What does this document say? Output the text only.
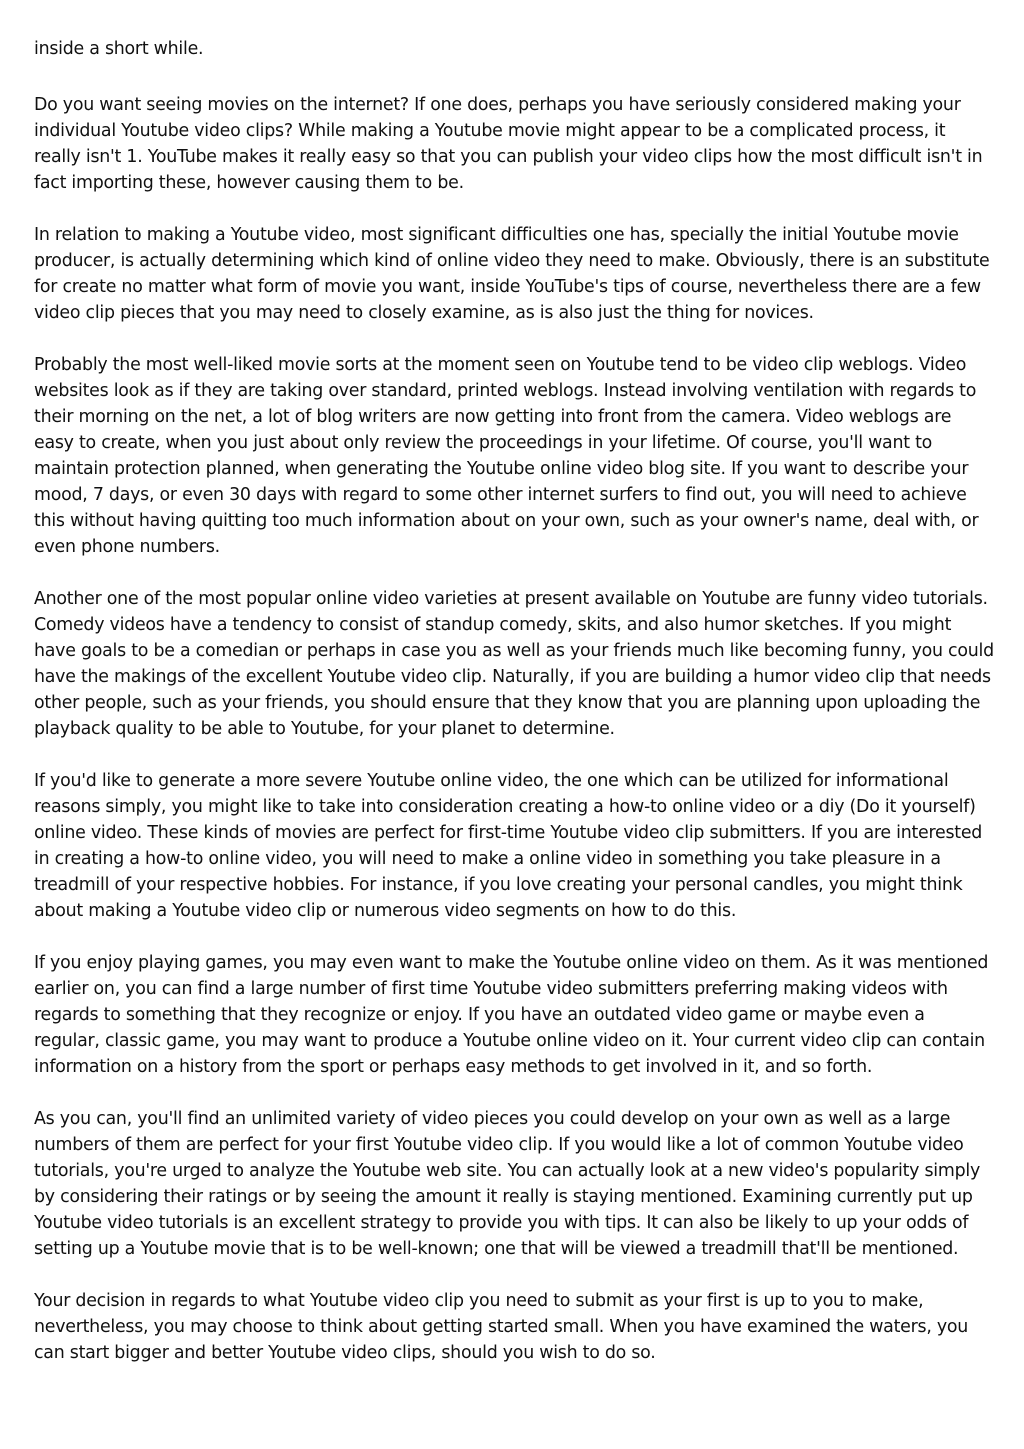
inside a short while.

Do you want seeing movies on the internet? If one does, perhaps you have seriously considered making your individual Youtube video clips? While making a Youtube movie might appear to be a complicated process, it really isn't 1. YouTube makes it really easy so that you can publish your video clips how the most difficult isn't in fact importing these, however causing them to be.

In relation to making a Youtube video, most significant difficulties one has, specially the initial Youtube movie producer, is actually determining which kind of online video they need to make. Obviously, there is an substitute for create no matter what form of movie you want, inside YouTube's tips of course, nevertheless there are a few video clip pieces that you may need to closely examine, as is also just the thing for novices.

Probably the most well-liked movie sorts at the moment seen on Youtube tend to be video clip weblogs. Video websites look as if they are taking over standard, printed weblogs. Instead involving ventilation with regards to their morning on the net, a lot of blog writers are now getting into front from the camera. Video weblogs are easy to create, when you just about only review the proceedings in your lifetime. Of course, you'll want to maintain protection planned, when generating the Youtube online video blog site. If you want to describe your mood, 7 days, or even 30 days with regard to some other internet surfers to find out, you will need to achieve this without having quitting too much information about on your own, such as your owner's name, deal with, or even phone numbers.

Another one of the most popular online video varieties at present available on Youtube are funny video tutorials. Comedy videos have a tendency to consist of standup comedy, skits, and also humor sketches. If you might have goals to be a comedian or perhaps in case you as well as your friends much like becoming funny, you could have the makings of the excellent Youtube video clip. Naturally, if you are building a humor video clip that needs other people, such as your friends, you should ensure that they know that you are planning upon uploading the playback quality to be able to Youtube, for your planet to determine.

If you'd like to generate a more severe Youtube online video, the one which can be utilized for informational reasons simply, you might like to take into consideration creating a how-to online video or a diy (Do it yourself) online video. These kinds of movies are perfect for first-time Youtube video clip submitters. If you are interested in creating a how-to online video, you will need to make a online video in something you take pleasure in a treadmill of your respective hobbies. For instance, if you love creating your personal candles, you might think about making a Youtube video clip or numerous video segments on how to do this.

If you enjoy playing games, you may even want to make the Youtube online video on them. As it was mentioned earlier on, you can find a large number of first time Youtube video submitters preferring making videos with regards to something that they recognize or enjoy. If you have an outdated video game or maybe even a regular, classic game, you may want to produce a Youtube online video on it. Your current video clip can contain information on a history from the sport or perhaps easy methods to get involved in it, and so forth.

As you can, you'll find an unlimited variety of video pieces you could develop on your own as well as a large numbers of them are perfect for your first Youtube video clip. If you would like a lot of common Youtube video tutorials, you're urged to analyze the Youtube web site. You can actually look at a new video's popularity simply by considering their ratings or by seeing the amount it really is staying mentioned. Examining currently put up Youtube video tutorials is an excellent strategy to provide you with tips. It can also be likely to up your odds of setting up a Youtube movie that is to be well-known; one that will be viewed a treadmill that'll be mentioned.

Your decision in regards to what Youtube video clip you need to submit as your first is up to you to make, nevertheless, you may choose to think about getting started small. When you have examined the waters, you can start bigger and better Youtube video clips, should you wish to do so.
